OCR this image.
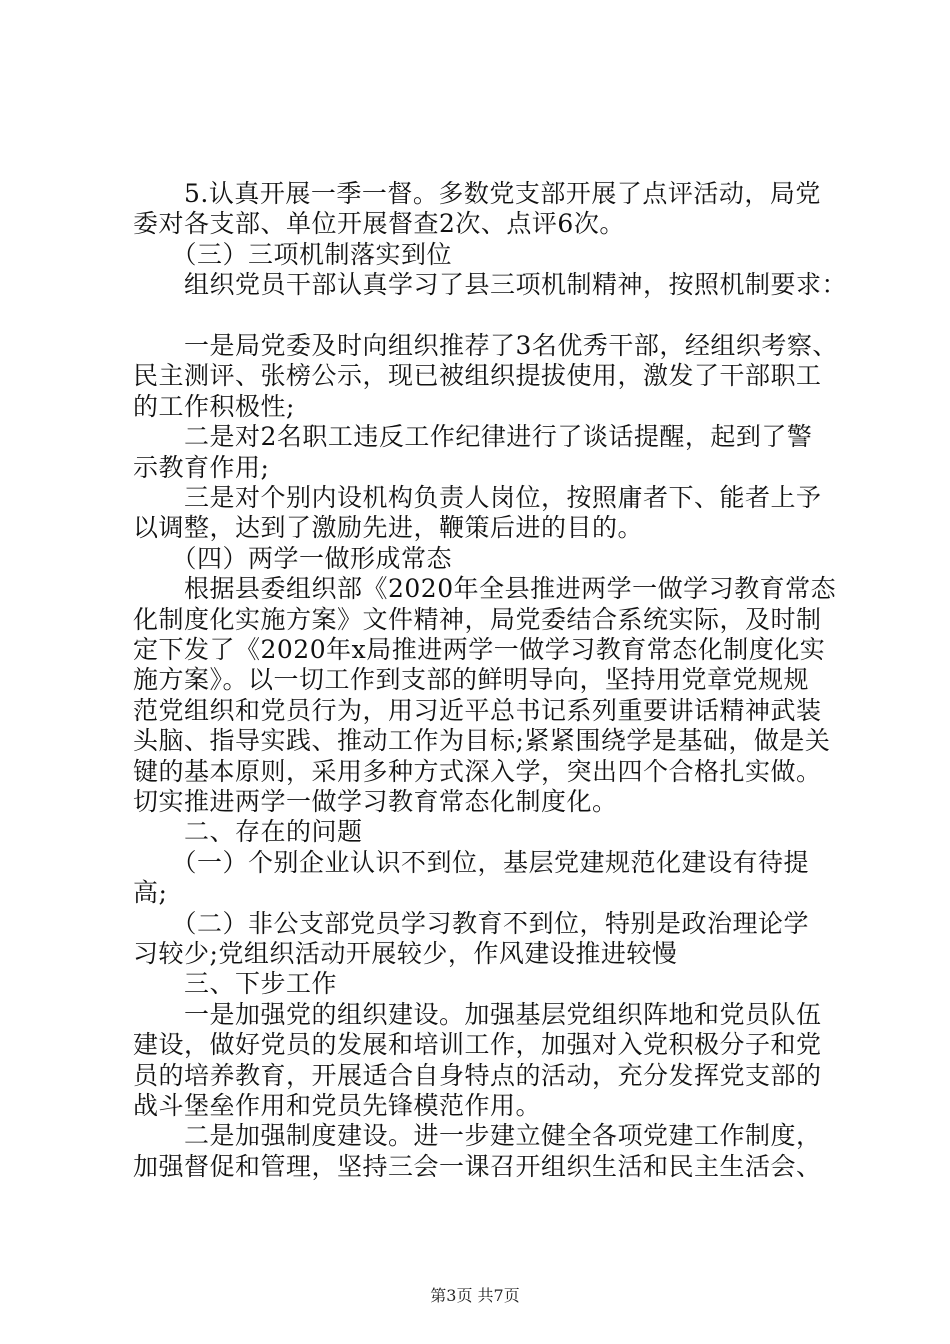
　　5.认真开展一季一督。多数党支部开展了点评活动，局党
委对各支部、单位开展督查2次、点评6次。
　　（三）三项机制落实到位
　　组织党员干部认真学习了县三项机制精神，按照机制要求：
　　一是局党委及时向组织推荐了3名优秀干部，经组织考察、
民主测评、张榜公示，现已被组织提拔使用，激发了干部职工
的工作积极性;
　　二是对2名职工违反工作纪律进行了谈话提醒，起到了警
示教育作用;
　　三是对个别内设机构负责人岗位，按照庸者下、能者上予
以调整，达到了激励先进，鞭策后进的目的。
　　（四）两学一做形成常态
　　根据县委组织部《2020年全县推进两学一做学习教育常态
化制度化实施方案》文件精神，局党委结合系统实际，及时制
定下发了《2020年x局推进两学一做学习教育常态化制度化实
施方案》。以一切工作到支部的鲜明导向，坚持用党章党规规
范党组织和党员行为，用习近平总书记系列重要讲话精神武装
头脑、指导实践、推动工作为目标;紧紧围绕学是基础，做是关
键的基本原则，采用多种方式深入学，突出四个合格扎实做。
切实推进两学一做学习教育常态化制度化。
　　二、存在的问题
　　（一）个别企业认识不到位，基层党建规范化建设有待提
高;
　　（二）非公支部党员学习教育不到位，特别是政治理论学
习较少;党组织活动开展较少，作风建设推进较慢
　　三、下步工作
　　一是加强党的组织建设。加强基层党组织阵地和党员队伍
建设，做好党员的发展和培训工作，加强对入党积极分子和党
员的培养教育，开展适合自身特点的活动，充分发挥党支部的
战斗堡垒作用和党员先锋模范作用。
　　二是加强制度建设。进一步建立健全各项党建工作制度，
加强督促和管理，坚持三会一课召开组织生活和民主生活会、
第3页 共7页
